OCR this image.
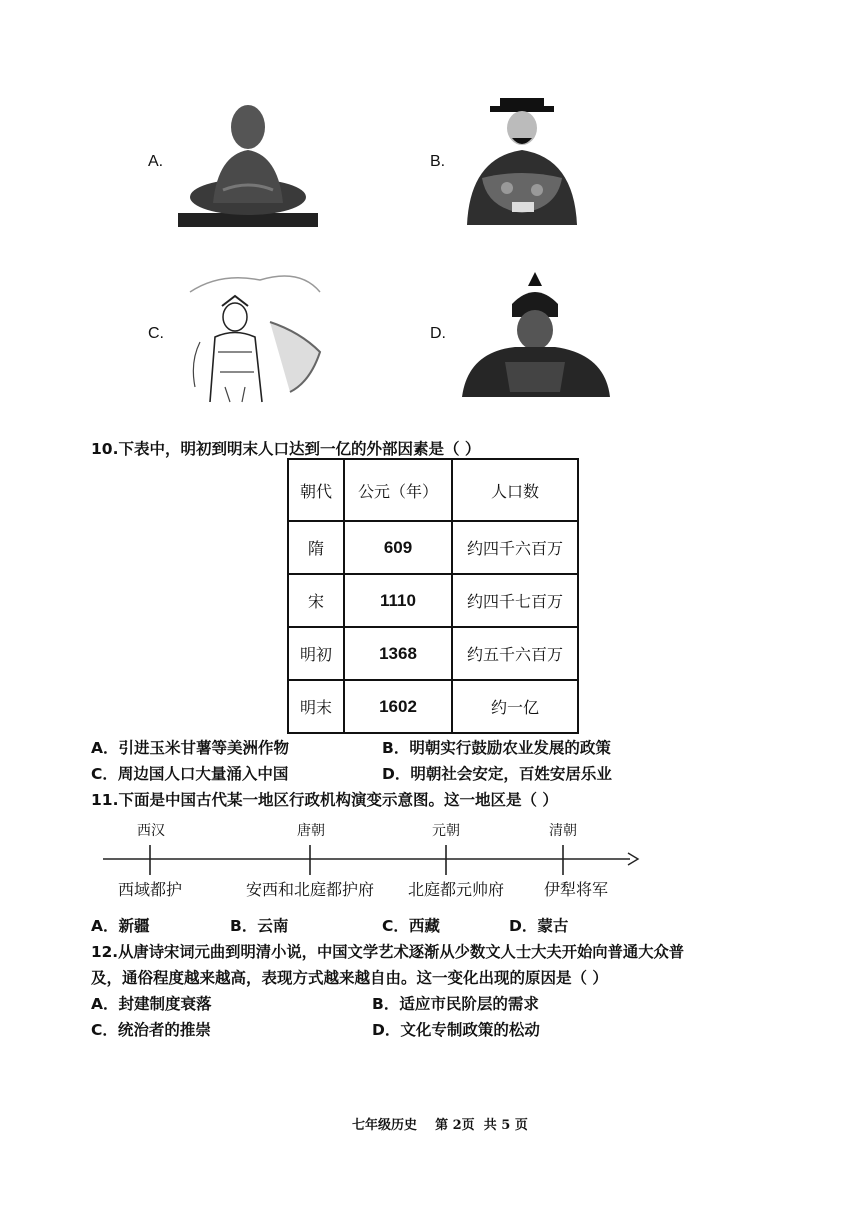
A.	B.
C.	D.
10.下表中，明初到明末人口达到一亿的外部因素是（ ）
朝代	公元（年）	人口数
隋	609	约四千六百万
宋	1110	约四千七百万
明初	1368	约五千六百万
明末	1602	约一亿
A．引进玉米甘薯等美洲作物	B．明朝实行鼓励农业发展的政策
C．周边国人口大量涌入中国	D．明朝社会安定，百姓安居乐业
11.下面是中国古代某一地区行政机构演变示意图。这一地区是（ ）
西汉	唐朝	元朝	清朝
西域都护	安西和北庭都护府	北庭都元帅府	伊犁将军
A．新疆	B．云南	C．西藏	D．蒙古
12.从唐诗宋词元曲到明清小说，中国文学艺术逐渐从少数文人士大夫开始向普通大众普
及，通俗程度越来越高，表现方式越来越自由。这一变化出现的原因是（ ）
A．封建制度衰落	B．适应市民阶层的需求
C．统治者的推崇	D．文化专制政策的松动
七年级历史    第 2页  共 5 页
